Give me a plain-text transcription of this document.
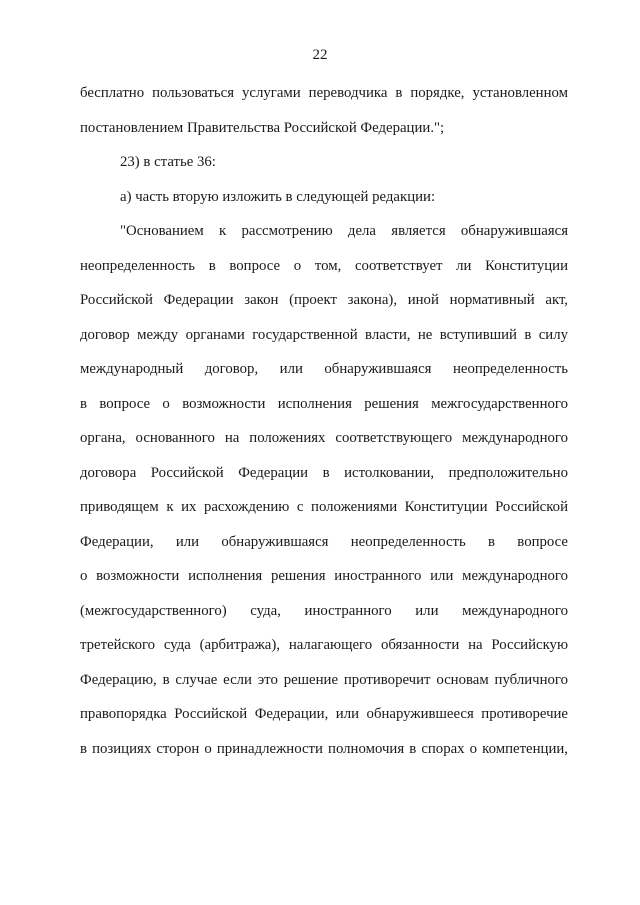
22
бесплатно пользоваться услугами переводчика в порядке, установленном
постановлением Правительства Российской Федерации.";
23) в статье 36:
а) часть вторую изложить в следующей редакции:
"Основанием к рассмотрению дела является обнаружившаяся
неопределенность в вопросе о том, соответствует ли Конституции
Российской Федерации закон (проект закона), иной нормативный акт,
договор между органами государственной власти, не вступивший в силу
международный договор, или обнаружившаяся неопределенность
в вопросе о возможности исполнения решения межгосударственного
органа, основанного на положениях соответствующего международного
договора Российской Федерации в истолковании, предположительно
приводящем к их расхождению с положениями Конституции Российской
Федерации, или обнаружившаяся неопределенность в вопросе
о возможности исполнения решения иностранного или международного
(межгосударственного) суда, иностранного или международного
третейского суда (арбитража), налагающего обязанности на Российскую
Федерацию, в случае если это решение противоречит основам публичного
правопорядка Российской Федерации, или обнаружившееся противоречие
в позициях сторон о принадлежности полномочия в спорах о компетенции,
